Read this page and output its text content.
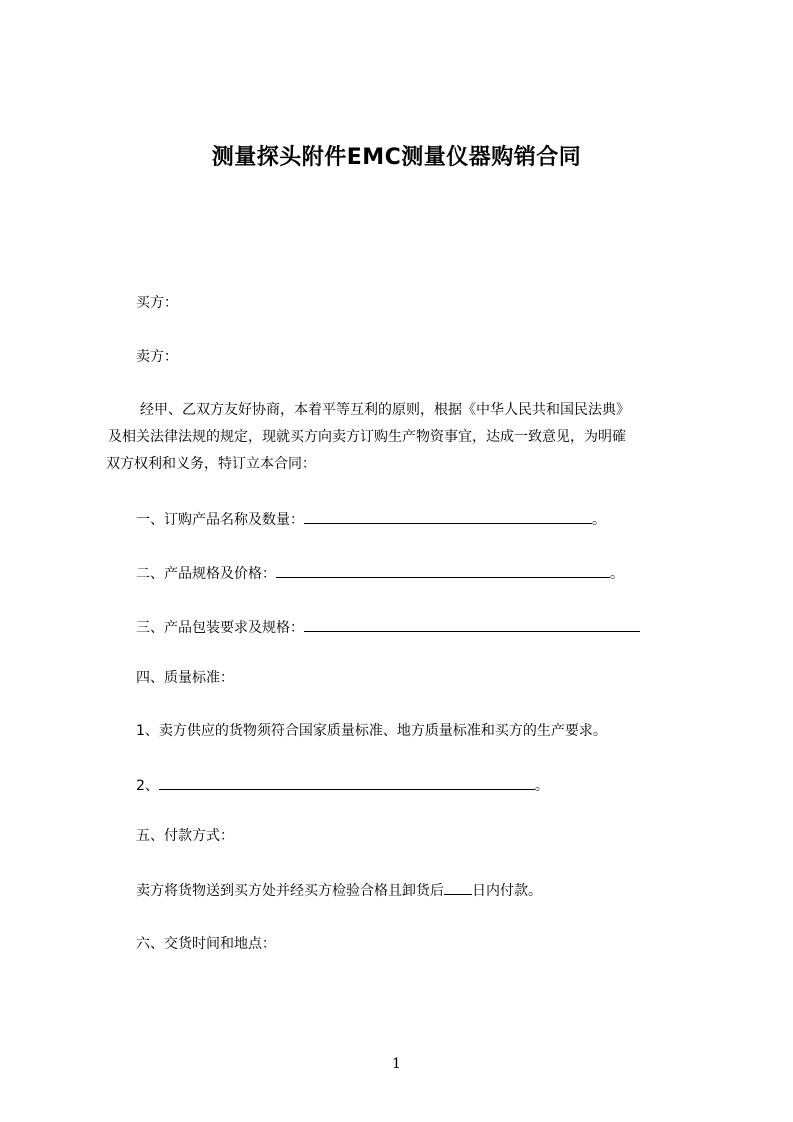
测量探头附件EMC测量仪器购销合同
买方：
卖方：

经甲、乙双方友好协商，本着平等互利的原则，根据《中华人民共和国民法典》

及相关法律法规的规定，现就买方向卖方订购生产物资事宜，达成一致意见，为明確

双方权利和义务，特订立本合同：

一、订购产品名称及数量：	。
二、产品规格及价格：	。
三、产品包装要求及规格：
四、质量标准：
1、卖方供应的货物须符合国家质量标准、地方质量标准和买方的生产要求。
2、	。
五、付款方式：
卖方将货物送到买方处并经买方检验合格且卸货后 日内付款。
六、交货时间和地点：
1
